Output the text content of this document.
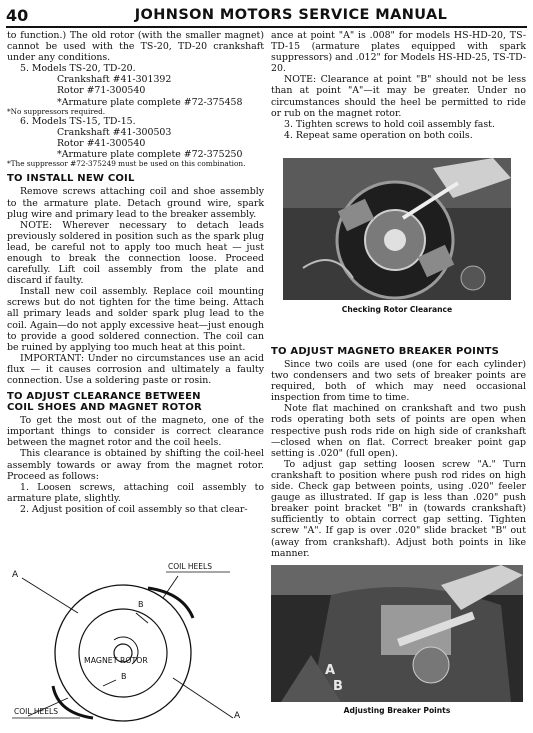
40	JOHNSON MOTORS SERVICE MANUAL

to function.) The old rotor (with the smaller magnet) cannot be used with the TS-20, TD-20 crankshaft under any conditions.

5. Models TS-20, TD-20.

Crankshaft #41-301392

Rotor #71-300540

*Armature plate complete #72-375458

*No suppressors required.

6. Models TS-15, TD-15.

Crankshaft #41-300503

Rotor #41-300540

*Armature plate complete #72-375250

*The suppressor #72-375249 must be used on this combination.

TO INSTALL NEW COIL

Remove screws attaching coil and shoe assembly to the armature plate. Detach ground wire, spark plug wire and primary lead to the breaker assembly.

NOTE: Wherever necessary to detach leads previously soldered in position such as the spark plug lead, be careful not to apply too much heat — just enough to break the connection loose. Proceed carefully. Lift coil assembly from the plate and discard if faulty.

Install new coil assembly. Replace coil mounting screws but do not tighten for the time being. Attach all primary leads and solder spark plug lead to the coil. Again—do not apply excessive heat—just enough to provide a good soldered connection. The coil can be ruined by applying too much heat at this point.

IMPORTANT: Under no circumstances use an acid flux — it causes corrosion and ultimately a faulty connection. Use a soldering paste or rosin.

TO ADJUST CLEARANCE BETWEEN
COIL SHOES AND MAGNET ROTOR

To get the most out of the magneto, one of the important things to consider is correct clearance between the magnet rotor and the coil heels.

This clearance is obtained by shifting the coil-heel assembly towards or away from the magnet rotor. Proceed as follows:

1. Loosen screws, attaching coil assembly to armature plate, slightly.

2. Adjust position of coil assembly so that clear-

ance at point "A" is .008" for models HS-HD-20, TS-TD-15 (armature plates equipped with spark suppressors) and .012" for Models HS-HD-25, TS-TD-20.

NOTE: Clearance at point "B" should not be less than at point "A"—it may be greater. Under no circumstances should the heel be permitted to ride or rub on the magnet rotor.

3. Tighten screws to hold coil assembly fast.

4. Repeat same operation on both coils.

Checking Rotor Clearance
TO ADJUST MAGNETO BREAKER POINTS

Since two coils are used (one for each cylinder) two condensers and two sets of breaker points are required, both of which may need occasional inspection from time to time.

Note flat machined on crankshaft and two push rods operating both sets of points are open when respective push rods ride on high side of crankshaft—closed when on flat. Correct breaker point gap setting is .020" (full open).

To adjust gap setting loosen screw "A." Turn crankshaft to position where push rod rides on high side. Check gap between points, using .020" feeler gauge as illustrated. If gap is less than .020" push breaker point bracket "B" in (towards crankshaft) sufficiently to obtain correct gap setting. Tighten screw "A". If gap is over .020" slide bracket "B" out (away from crankshaft). Adjust both points in like manner.

A
B
Adjusting Breaker Points
COIL HEELS
COIL HEELS
MAGNET ROTOR
A
B
B
A
